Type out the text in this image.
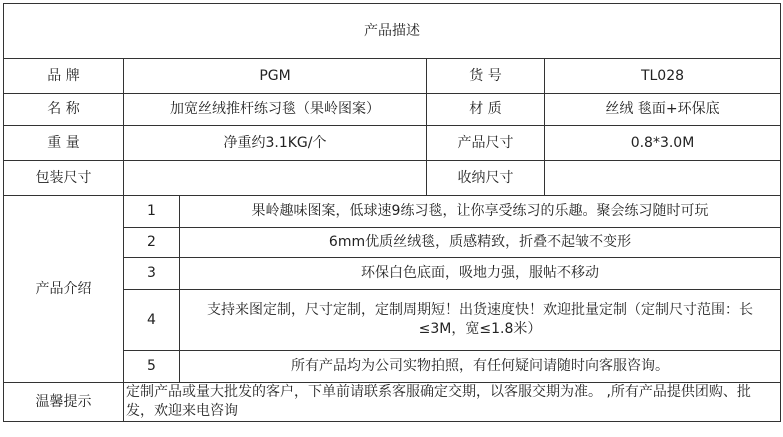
产品描述				
品 牌	PGM		货 号	TL028
名 称	加宽丝绒推杆练习毯（果岭图案）		材 质	丝绒 毯面+环保底
重 量	净重约3.1KG/个		产品尺寸	0.8*3.0M
包装尺寸			收纳尺寸	
产品介绍	1	果岭趣味图案，低球速9练习毯，让你享受练习的乐趣。聚会练习随时可玩		
	2	6mm优质丝绒毯，质感精致，折叠不起皱不变形		
	3	环保白色底面，吸地力强，服帖不移动		
	4	支持来图定制，尺寸定制，定制周期短！出货速度快！欢迎批量定制（定制尺寸范围：长≤3M，宽≤1.8米）		
	5	所有产品均为公司实物拍照，有任何疑问请随时向客服咨询。		
温馨提示	定制产品或量大批发的客户，下单前请联系客服确定交期，以客服交期为准。 ,所有产品提供团购、批发，欢迎来电咨询			
